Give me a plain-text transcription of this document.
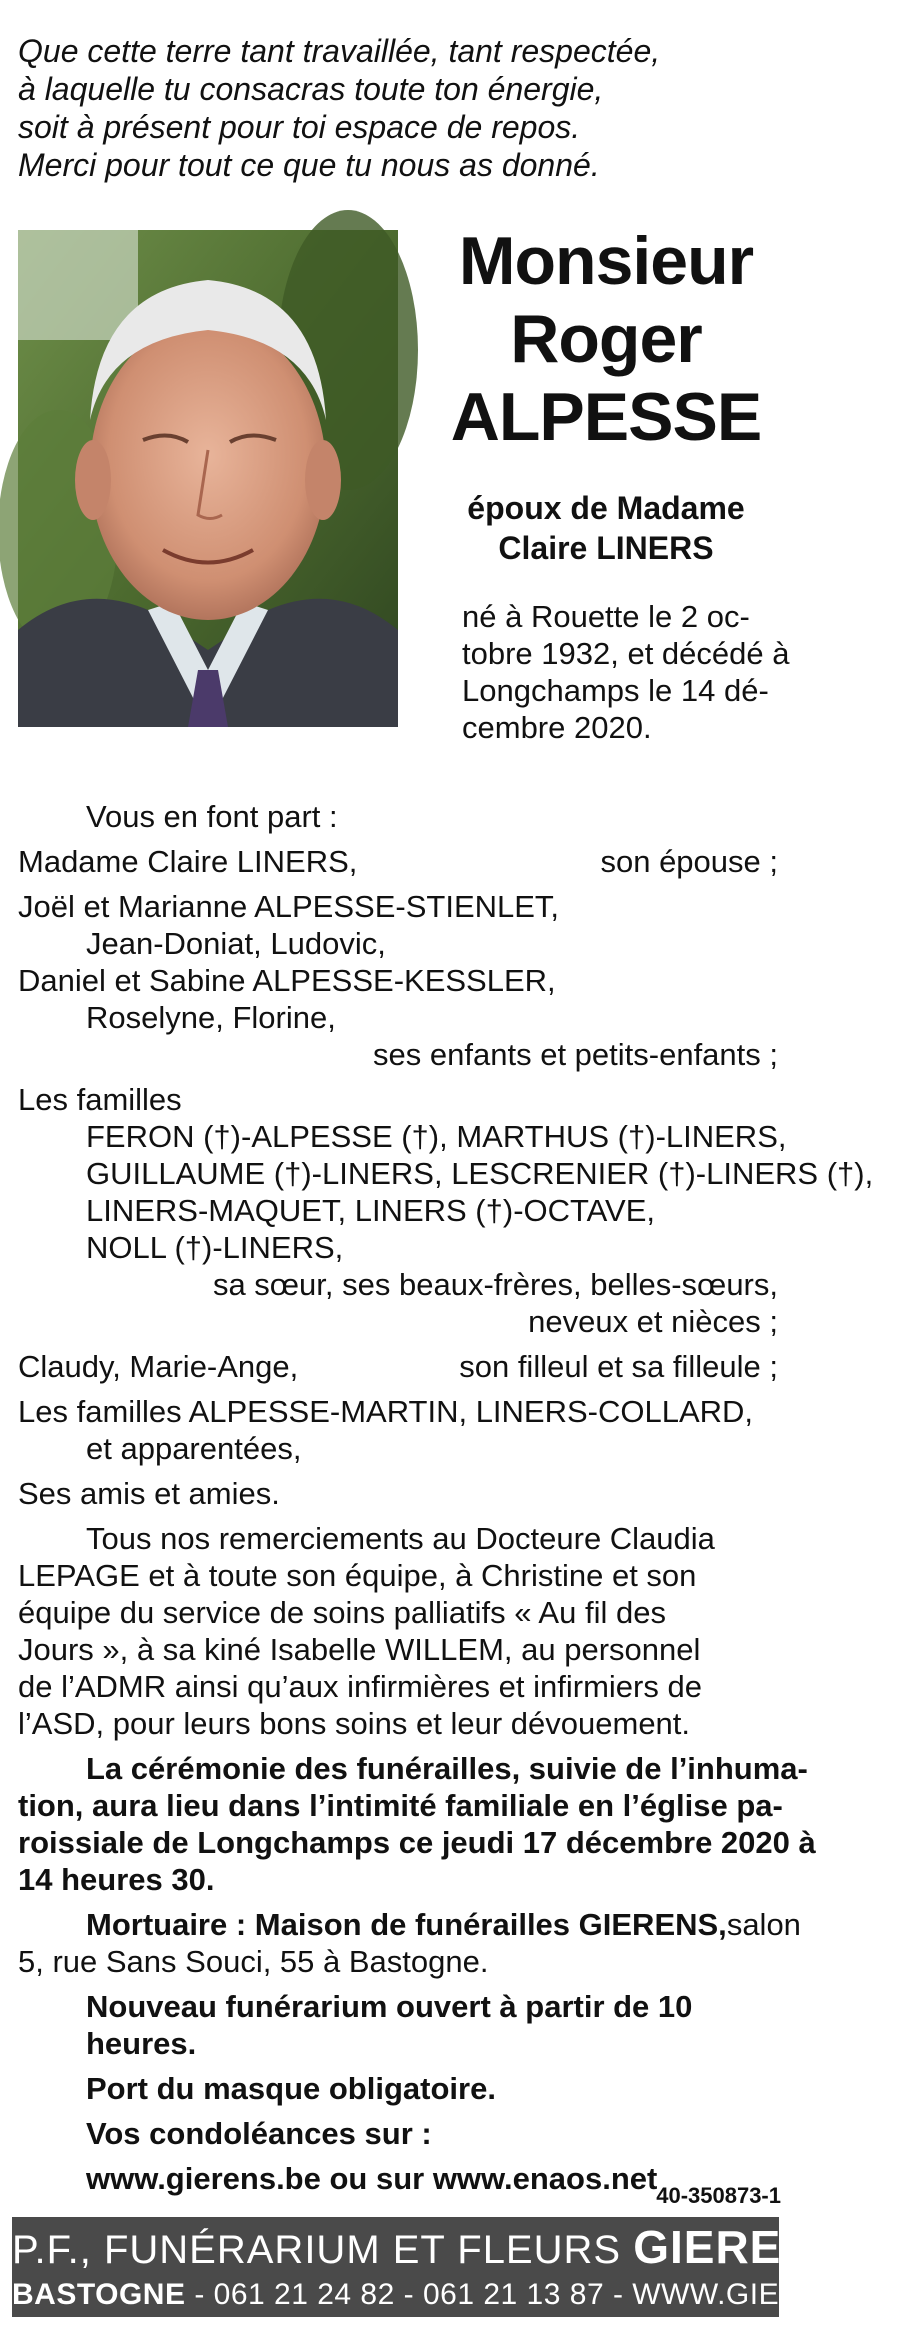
Que cette terre tant travaillée, tant respectée,
à laquelle tu consacras toute ton énergie,
soit à présent pour toi espace de repos.
Merci pour tout ce que tu nous as donné.
Monsieur
Roger
ALPESSE
époux de Madame
Claire LINERS
né à Rouette le 2 oc-
tobre 1932, et décédé à
Longchamps le 14 dé-
cembre 2020.
Vous en font part :
Madame Claire LINERS,	son épouse ;
Joël et Marianne ALPESSE-STIENLET,
Jean-Doniat, Ludovic,
Daniel et Sabine ALPESSE-KESSLER,
Roselyne, Florine,
ses enfants et petits-enfants ;
Les familles
FERON (†)-ALPESSE (†), MARTHUS (†)-LINERS,
GUILLAUME (†)-LINERS, LESCRENIER (†)-LINERS (†),
LINERS-MAQUET, LINERS (†)-OCTAVE,
NOLL (†)-LINERS,
sa sœur, ses beaux-frères, belles-sœurs,
neveux et nièces ;
Claudy, Marie-Ange,	son filleul et sa filleule ;
Les familles ALPESSE-MARTIN, LINERS-COLLARD,
et apparentées,
Ses amis et amies.
Tous nos remerciements au Docteure Claudia
LEPAGE et à toute son équipe, à Christine et son
équipe du service de soins palliatifs « Au fil des
Jours », à sa kiné Isabelle WILLEM, au personnel
de l’ADMR ainsi qu’aux infirmières et infirmiers de
l’ASD, pour leurs bons soins et leur dévouement.
La cérémonie des funérailles, suivie de l’inhuma-
tion, aura lieu dans l’intimité familiale en l’église pa-
roissiale de Longchamps ce jeudi 17 décembre 2020 à
14 heures 30.
Mortuaire : Maison de funérailles GIERENS, salon
5, rue Sans Souci, 55 à Bastogne.
Nouveau funérarium ouvert à partir de 10 heures.
Port du masque obligatoire.
Vos condoléances sur :
www.gierens.be ou sur www.enaos.net
40-350873-1
P.F., FUNÉRARIUM ET FLEURS GIERENS
BASTOGNE - 061 21 24 82 - 061 21 13 87 - WWW.GIERENS.BE
